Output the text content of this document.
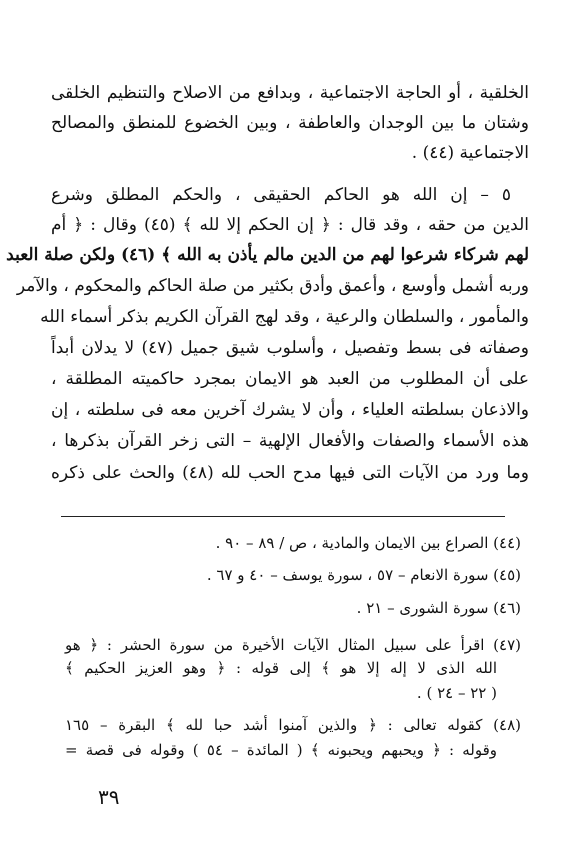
الخلقية ، أو الحاجة الاجتماعية ، وبدافع من الاصلاح والتنظيم الخلقى
وشتان ما بين الوجدان والعاطفة ، وبين الخضوع للمنطق والمصالح
الاجتماعية (٤٤) .
٥ – إن الله هو الحاكم الحقيقى ، والحكم المطلق وشرع
الدين من حقه ، وقد قال : ﴿ إن الحكم إلا لله ﴾ (٤٥) وقال : ﴿ أم
لهم شركاء شرعوا لهم من الدين مالم يأذن به الله ﴾ (٤٦) ولكن صلة العبد
وربه أشمل وأوسع ، وأعمق وأدق بكثير من صلة الحاكم والمحكوم ، والآمر
والمأمور ، والسلطان والرعية ، وقد لهج القرآن الكريم بذكر أسماء الله
وصفاته فى بسط وتفصيل ، وأسلوب شيق جميل (٤٧) لا يدلان أبداً
على أن المطلوب من العبد هو الايمان بمجرد حاكميته المطلقة ،
والاذعان بسلطته العلياء ، وأن لا يشرك آخرين معه فى سلطته ، إن
هذه الأسماء والصفات والأفعال الإلهية – التى زخر القرآن بذكرها ،
وما ورد من الآيات التى فيها مدح الحب لله (٤٨) والحث على ذكره
(٤٤) الصراع بين الايمان والمادية ، ص / ٨٩ – ٩٠ .
(٤٥) سورة الانعام – ٥٧ ، سورة يوسف – ٤٠ و ٦٧ .
(٤٦) سورة الشورى – ٢١ .
(٤٧) اقرأ على سبيل المثال الآيات الأخيرة من سورة الحشر : ﴿ هو
الله الذى لا إله إلا هو ﴾ إلى قوله : ﴿ وهو العزيز الحكيم ﴾
( ٢٢ – ٢٤ ) .
(٤٨) كقوله تعالى : ﴿ والذين آمنوا أشد حبا لله ﴾ البقرة – ١٦٥
وقوله : ﴿ ويحبهم ويحبونه ﴾ ( المائدة – ٥٤ ) وقوله فى قصة =
٣٩
